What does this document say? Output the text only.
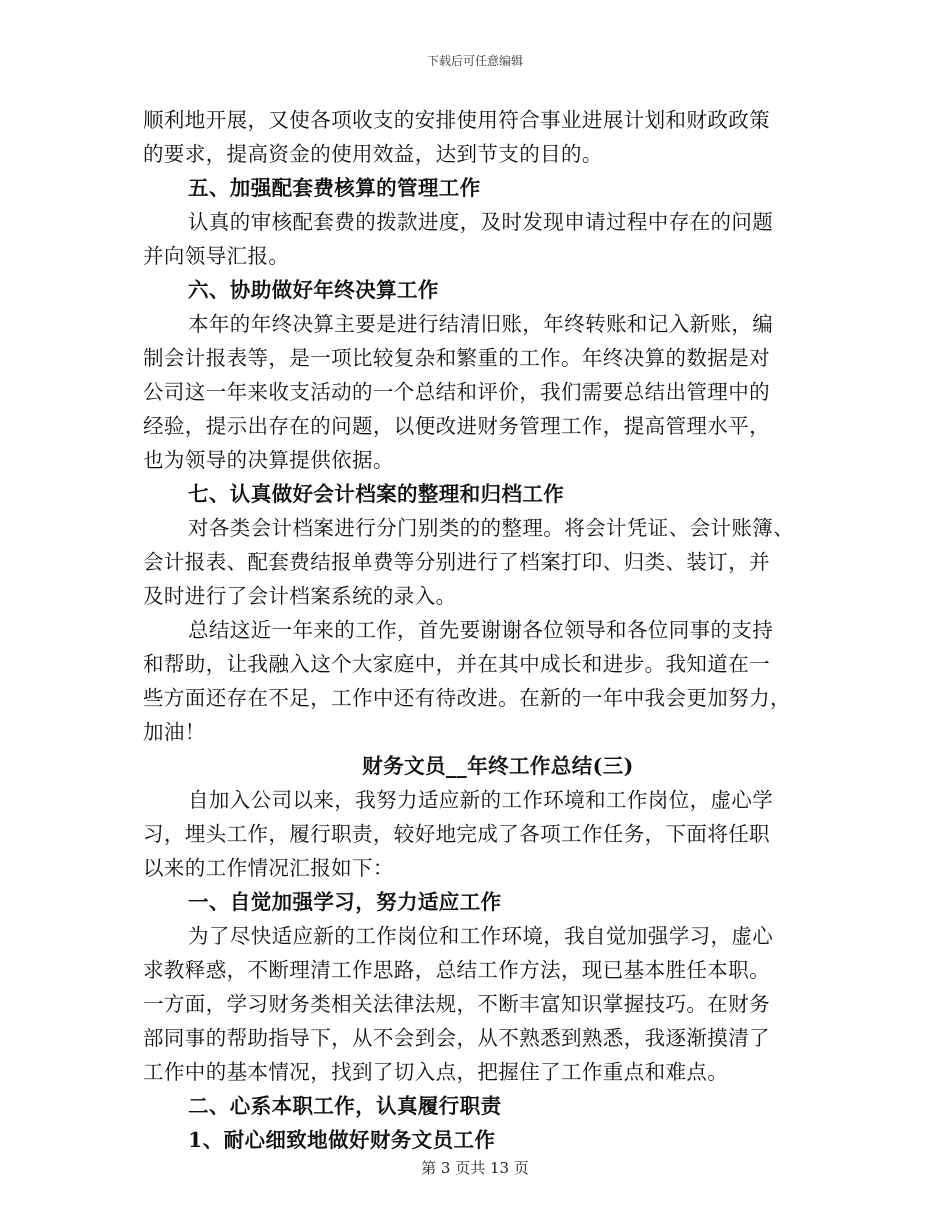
下载后可任意编辑
顺利地开展，又使各项收支的安排使用符合事业进展计划和财政政策
的要求，提高资金的使用效益，达到节支的目的。
五、加强配套费核算的管理工作
认真的审核配套费的拨款进度，及时发现申请过程中存在的问题
并向领导汇报。
六、协助做好年终决算工作
本年的年终决算主要是进行结清旧账，年终转账和记入新账，编
制会计报表等，是一项比较复杂和繁重的工作。年终决算的数据是对
公司这一年来收支活动的一个总结和评价，我们需要总结出管理中的
经验，提示出存在的问题，以便改进财务管理工作，提高管理水平，
也为领导的决算提供依据。
七、认真做好会计档案的整理和归档工作
对各类会计档案进行分门别类的的整理。将会计凭证、会计账簿、
会计报表、配套费结报单费等分别进行了档案打印、归类、装订，并
及时进行了会计档案系统的录入。
总结这近一年来的工作，首先要谢谢各位领导和各位同事的支持
和帮助，让我融入这个大家庭中，并在其中成长和进步。我知道在一
些方面还存在不足，工作中还有待改进。在新的一年中我会更加努力，
加油！
财务文员__年终工作总结(三)
自加入公司以来，我努力适应新的工作环境和工作岗位，虚心学
习，埋头工作，履行职责，较好地完成了各项工作任务，下面将任职
以来的工作情况汇报如下：
一、自觉加强学习，努力适应工作
为了尽快适应新的工作岗位和工作环境，我自觉加强学习，虚心
求教释惑，不断理清工作思路，总结工作方法，现已基本胜任本职。
一方面，学习财务类相关法律法规，不断丰富知识掌握技巧。在财务
部同事的帮助指导下，从不会到会，从不熟悉到熟悉，我逐渐摸清了
工作中的基本情况，找到了切入点，把握住了工作重点和难点。
二、心系本职工作，认真履行职责
1、耐心细致地做好财务文员工作
第 3 页共 13 页
